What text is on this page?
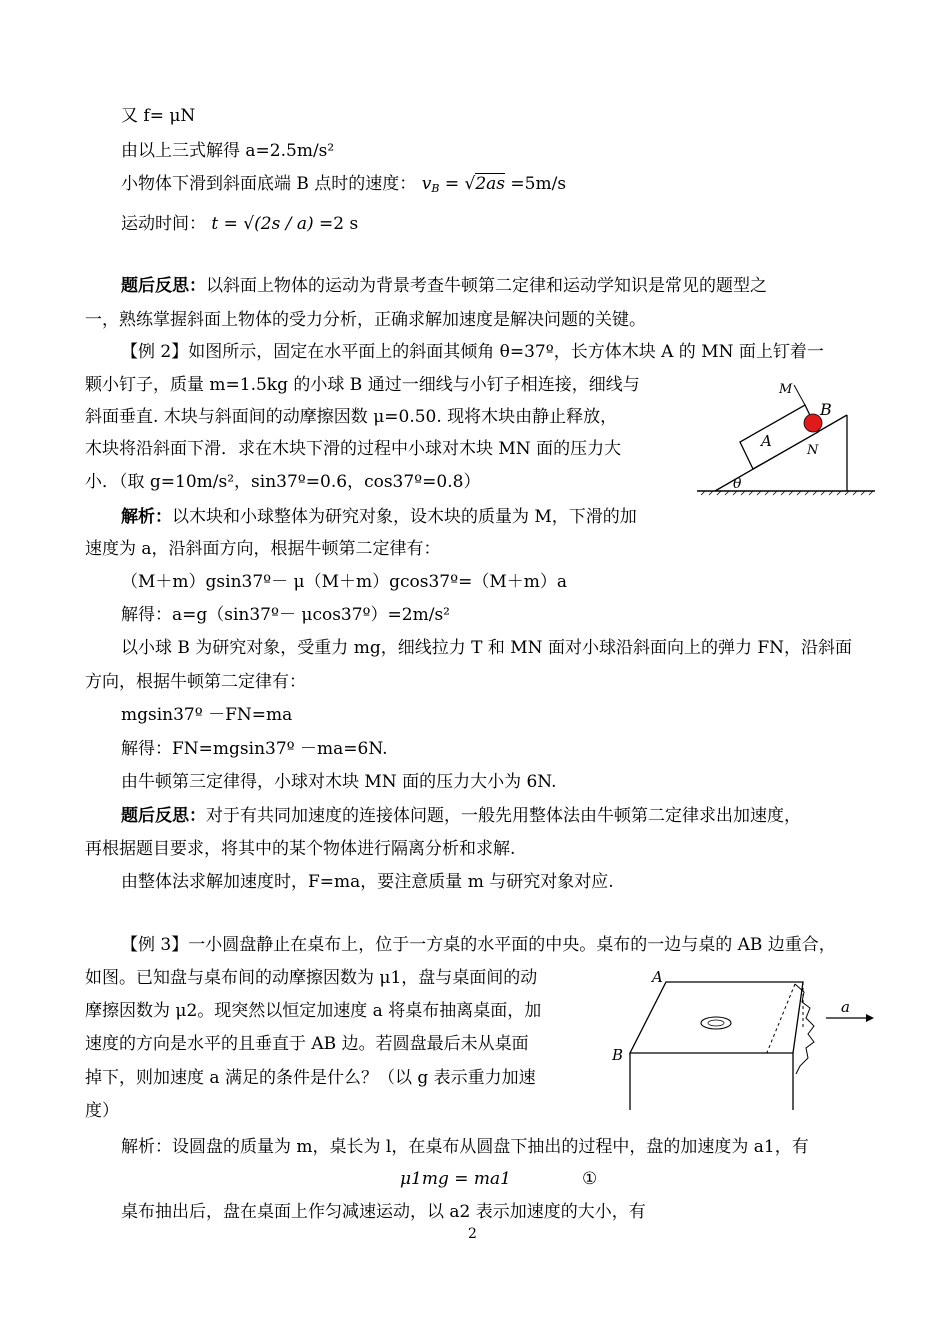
又 f= μN
由以上三式解得 a=2.5m/s²
小物体下滑到斜面底端 B 点时的速度： $v_B = √2as =5m/s$
运动时间： t = √(2s / a) =2 s
题后反思：以斜面上物体的运动为背景考查牛顿第二定律和运动学知识是常见的题型之
一，熟练掌握斜面上物体的受力分析，正确求解加速度是解决问题的关键。
【例 2】如图所示，固定在水平面上的斜面其倾角 θ=37º，长方体木块 A 的 MN 面上钉着一
颗小钉子，质量 m=1.5kg 的小球 B 通过一细线与小钉子相连接，细线与
斜面垂直. 木块与斜面间的动摩擦因数 μ=0.50. 现将木块由静止释放，
木块将沿斜面下滑．求在木块下滑的过程中小球对木块 MN 面的压力大
小．（取 g=10m/s²，sin37º=0.6，cos37º=0.8）
M
B
A
N
θ
解析：以木块和小球整体为研究对象，设木块的质量为 M，下滑的加
速度为 a，沿斜面方向，根据牛顿第二定律有：
（M＋m）gsin37º－ μ（M＋m）gcos37º=（M＋m）a
解得：a=g（sin37º－ μcos37º）=2m/s²
以小球 B 为研究对象，受重力 mg，细线拉力 T 和 MN 面对小球沿斜面向上的弹力 FN，沿斜面
方向，根据牛顿第二定律有：
mgsin37º －FN=ma
解得：FN=mgsin37º －ma=6N.
由牛顿第三定律得，小球对木块 MN 面的压力大小为 6N.
题后反思：对于有共同加速度的连接体问题，一般先用整体法由牛顿第二定律求出加速度，
再根据题目要求，将其中的某个物体进行隔离分析和求解.
由整体法求解加速度时，F=ma，要注意质量 m 与研究对象对应.
【例 3】一小圆盘静止在桌布上，位于一方桌的水平面的中央。桌布的一边与桌的 AB 边重合，
如图。已知盘与桌布间的动摩擦因数为 μ1，盘与桌面间的动
摩擦因数为 μ2。现突然以恒定加速度 a 将桌布抽离桌面，加
速度的方向是水平的且垂直于 AB 边。若圆盘最后未从桌面
掉下，则加速度 a 满足的条件是什么？（以 g 表示重力加速
度）
a
A
B
解析：设圆盘的质量为 m，桌长为 l，在桌布从圆盘下抽出的过程中，盘的加速度为 a1，有
μ1mg = ma1	①
桌布抽出后，盘在桌面上作匀减速运动，以 a2 表示加速度的大小，有
2
